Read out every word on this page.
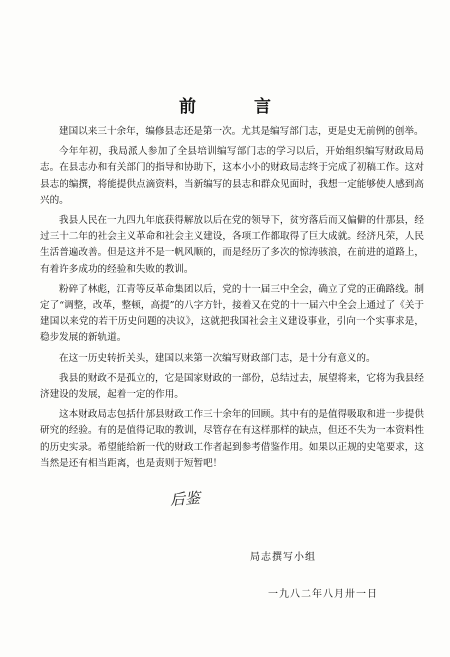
前 言

建国以来三十余年，编修县志还是第一次。尤其是编写部门志，更是史无前例的创举。

今年年初，我局派人参加了全县培训编写部门志的学习以后，开始组织编写财政局局志。在县志办和有关部门的指导和协助下，这本小小的财政局志终于完成了初稿工作。这对县志的编撰，将能提供点滴资料，当新编写的县志和群众见面时，我想一定能够使人感到高兴的。

我县人民在一九四九年底获得解放以后在党的领导下，贫穷落后而又偏僻的什那县，经过三十二年的社会主义革命和社会主义建设，各项工作都取得了巨大成就。经济凡荣，人民生活普遍改善。但是这并不是一帆风顺的，而是经历了多次的惊涛骇浪，在前进的道路上，有着许多成功的经验和失败的教训。

粉碎了林彪，江青等反革命集团以后，党的十一届三中全会，确立了党的正确路线。制定了“调整，改革，整顿，高提”的八字方针，接着又在党的十一届六中全会上通过了《关于建国以来党的若干历史问题的决议》，这就把我国社会主义建设事业，引向一个实事求是，稳步发展的新轨道。

在这一历史转折关头，建国以来第一次编写财政部门志，是十分有意义的。

我县的财政不是孤立的，它是国家财政的一部份，总结过去，展望将来，它将为我县经济建设的发展，起着一定的作用。

这本财政局志包括什邡县财政工作三十余年的回顾。其中有的是值得吸取和进一步提供研究的经验。有的是值得记取的教训，尽管存在有这样那样的缺点，但还不失为一本资料性的历史实录。希望能给新一代的财政工作者起到参考借鉴作用。如果以正规的史笔要求，这当然是还有相当距离，也是责则于短暂吧！

后鉴
局志撰写小组
一九八二年八月卅一日
